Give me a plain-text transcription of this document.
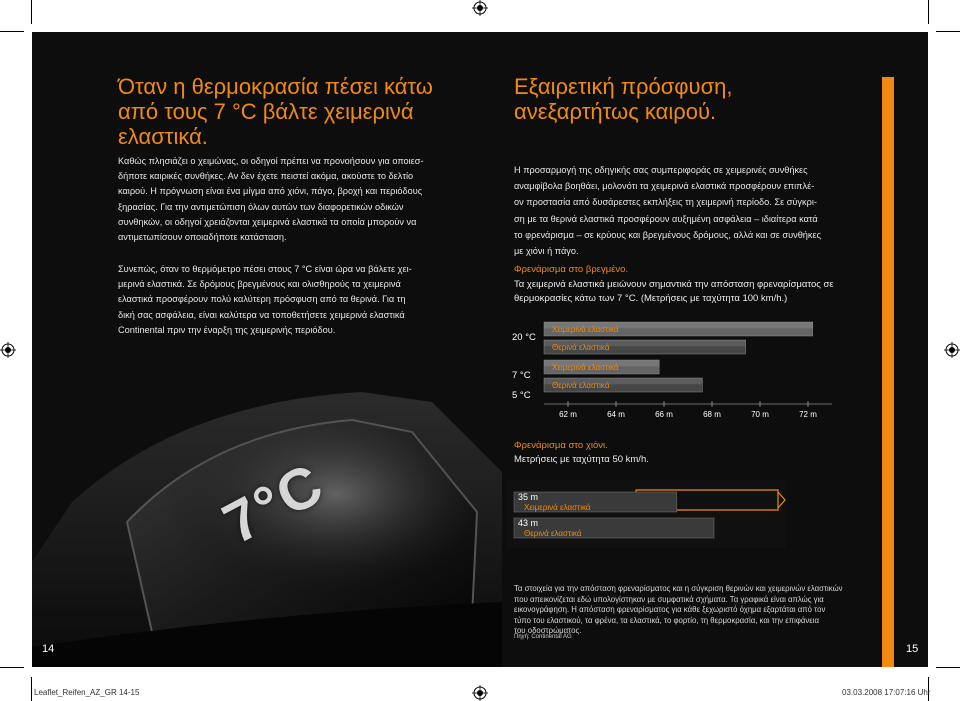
Όταν η θερμοκρασία πέσει κάτω
από τους 7 °C βάλτε χειμερινά
ελαστικά.
Καθώς πλησιάζει ο χειμώνας, οι οδηγοί πρέπει να προνοήσουν για οποιεσ-
δήποτε καιρικές συνθήκες. Αν δεν έχετε πειστεί ακόμα, ακούστε το δελτίο
καιρού. Η πρόγνωση είναι ένα μίγμα από χιόνι, πάγο, βροχή και περιόδους
ξηρασίας. Για την αντιμετώπιση όλων αυτών των διαφορετικών οδικών
συνθηκών, οι οδηγοί χρειάζονται χειμερινά ελαστικά τα οποία μπορούν να
αντιμετωπίσουν οποιαδήποτε κατάσταση.
Συνεπώς, όταν το θερμόμετρο πέσει στους 7 °C είναι ώρα να βάλετε χει-
μερινά ελαστικά. Σε δρόμους βρεγμένους και ολισθηρούς τα χειμερινά
ελαστικά προσφέρουν πολύ καλύτερη πρόσφυση από τα θερινά. Για τη
δική σας ασφάλεια, είναι καλύτερα να τοποθετήσετε χειμερινά ελαστικά
Continental πριν την έναρξη της χειμερινής περιόδου.
7°C
14
Εξαιρετική πρόσφυση,
ανεξαρτήτως καιρού.
Η προσαρμογή της οδηγικής σας συμπεριφοράς σε χειμερινές συνθήκες
αναμφίβολα βοηθάει, μολονότι τα χειμερινά ελαστικά προσφέρουν επιπλέ-
ον προστασία από δυσάρεστες εκπλήξεις τη χειμερινή περίοδο. Σε σύγκρι-
ση με τα θερινά ελαστικά προσφέρουν αυξημένη ασφάλεια – ιδιαίτερα κατά
το φρενάρισμα – σε κρύους και βρεγμένους δρόμους, αλλά και σε συνθήκες
με χιόνι ή πάγο.
Φρενάρισμα στο βρεγμένο.
Τα χειμερινά ελαστικά μειώνουν σημαντικά την απόσταση φρεναρίσματος σε
θερμοκρασίες κάτω των 7 °C. (Μετρήσεις με ταχύτητα 100 km/h.)
Χειμερινά ελαστικά
Θερινά ελαστικά
20 °C
Χειμερινά ελαστικά
Θερινά ελαστικά
7 °C
5 °C
62 m	64 m	66 m	68 m	70 m	72 m
Φρενάρισμα στο χιόνι.
Μετρήσεις με ταχύτητα 50 km/h.
35 m
Χειμερινά ελαστικά
43 m
Θερινά ελαστικά
Τα στοιχεία για την απόσταση φρεναρίσματος και η σύγκριση θερινών και χειμερινών ελαστικών
που απεικονίζεται εδώ υπολογίστηκαν με συμφατικά σχήματα. Τα γραφικά είναι απλώς για
εικονογράφηση. Η απόσταση φρεναρίσματος για κάθε ξεχωριστό όχημα εξαρτάται από τον
τύπο του ελαστικού, τα φρένα, τα ελαστικά, το φορτίο, τη θερμοκρασία, και την επιφάνεια
του οδοστρώματος.
Πηγή: Continental AG
15
Leaflet_Reifen_AZ_GR 14-15	03.03.2008 17:07:16 Uhr
